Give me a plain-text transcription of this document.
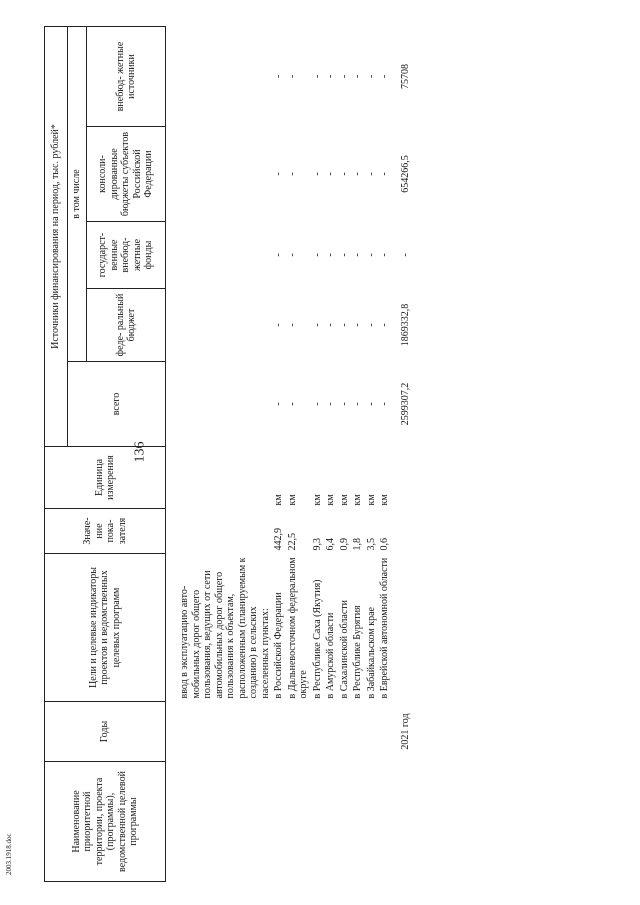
136
2003.1918.doc
Наименование приоритетной территории, проекта (программы), ведомственной целевой программы	Годы	Цели и целевые индикаторы проектов и ведомственных целевых программ	Значе- ние пока- зателя	Единица измерения	Источники финансирования на период, тыс. рублей*				
					всего	в том числе			
						феде- ральный бюджет	государст- венные внебюд- жетные фонды	консоли- дированные бюджеты субъектов Российской Федерации	внебюд- жетные источники

		ввод в эксплуатацию авто- мобильных дорог общего пользования, ведущих от сети автомобильных дорог общего пользования к объектам, расположенным (планируемым к созданию) в сельских населенных пунктах:							
		в Российской Федерации	442,9	км	-	-	-	-	-
		в Дальневосточном федеральном округе	22,5	км	-	-	-	-	-
		в Республике Саха (Якутия)	9,3	км	-	-	-	-	-
		в Амурской области	6,4	км	-	-	-	-	-
		в Сахалинской области	0,9	км	-	-	-	-	-
		в Республике Бурятия	1,8	км	-	-	-	-	-
		в Забайкальском крае	3,5	км	-	-	-	-	-
		в Еврейской автономной области	0,6	км	-	-	-	-	-
	2021 год				2599307,2	1869332,8	-	654266,5	75708
